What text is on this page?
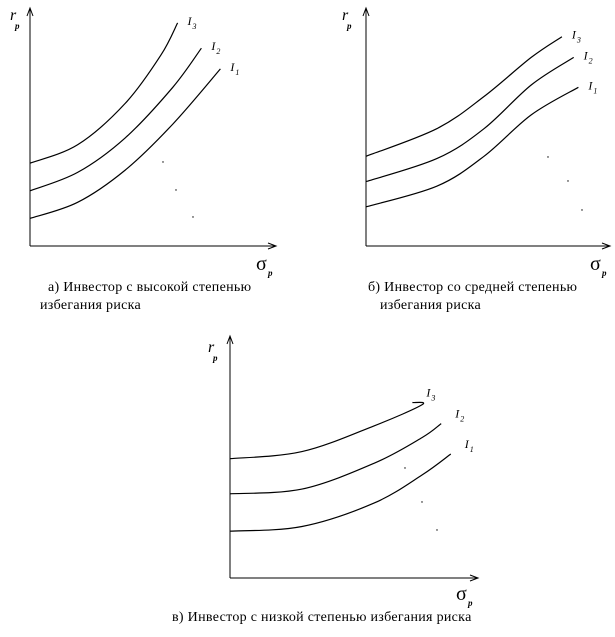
r
p
σ p
I 1
I 2
I 3
r
p
σ p
I 1
I 2
I 3
r
p
σ p
I 1
I 2
I 3
а) Инвестор с высокой степенью
избегания риска
б) Инвестор со средней степенью
избегания риска
в) Инвестор с низкой степенью избегания риска
